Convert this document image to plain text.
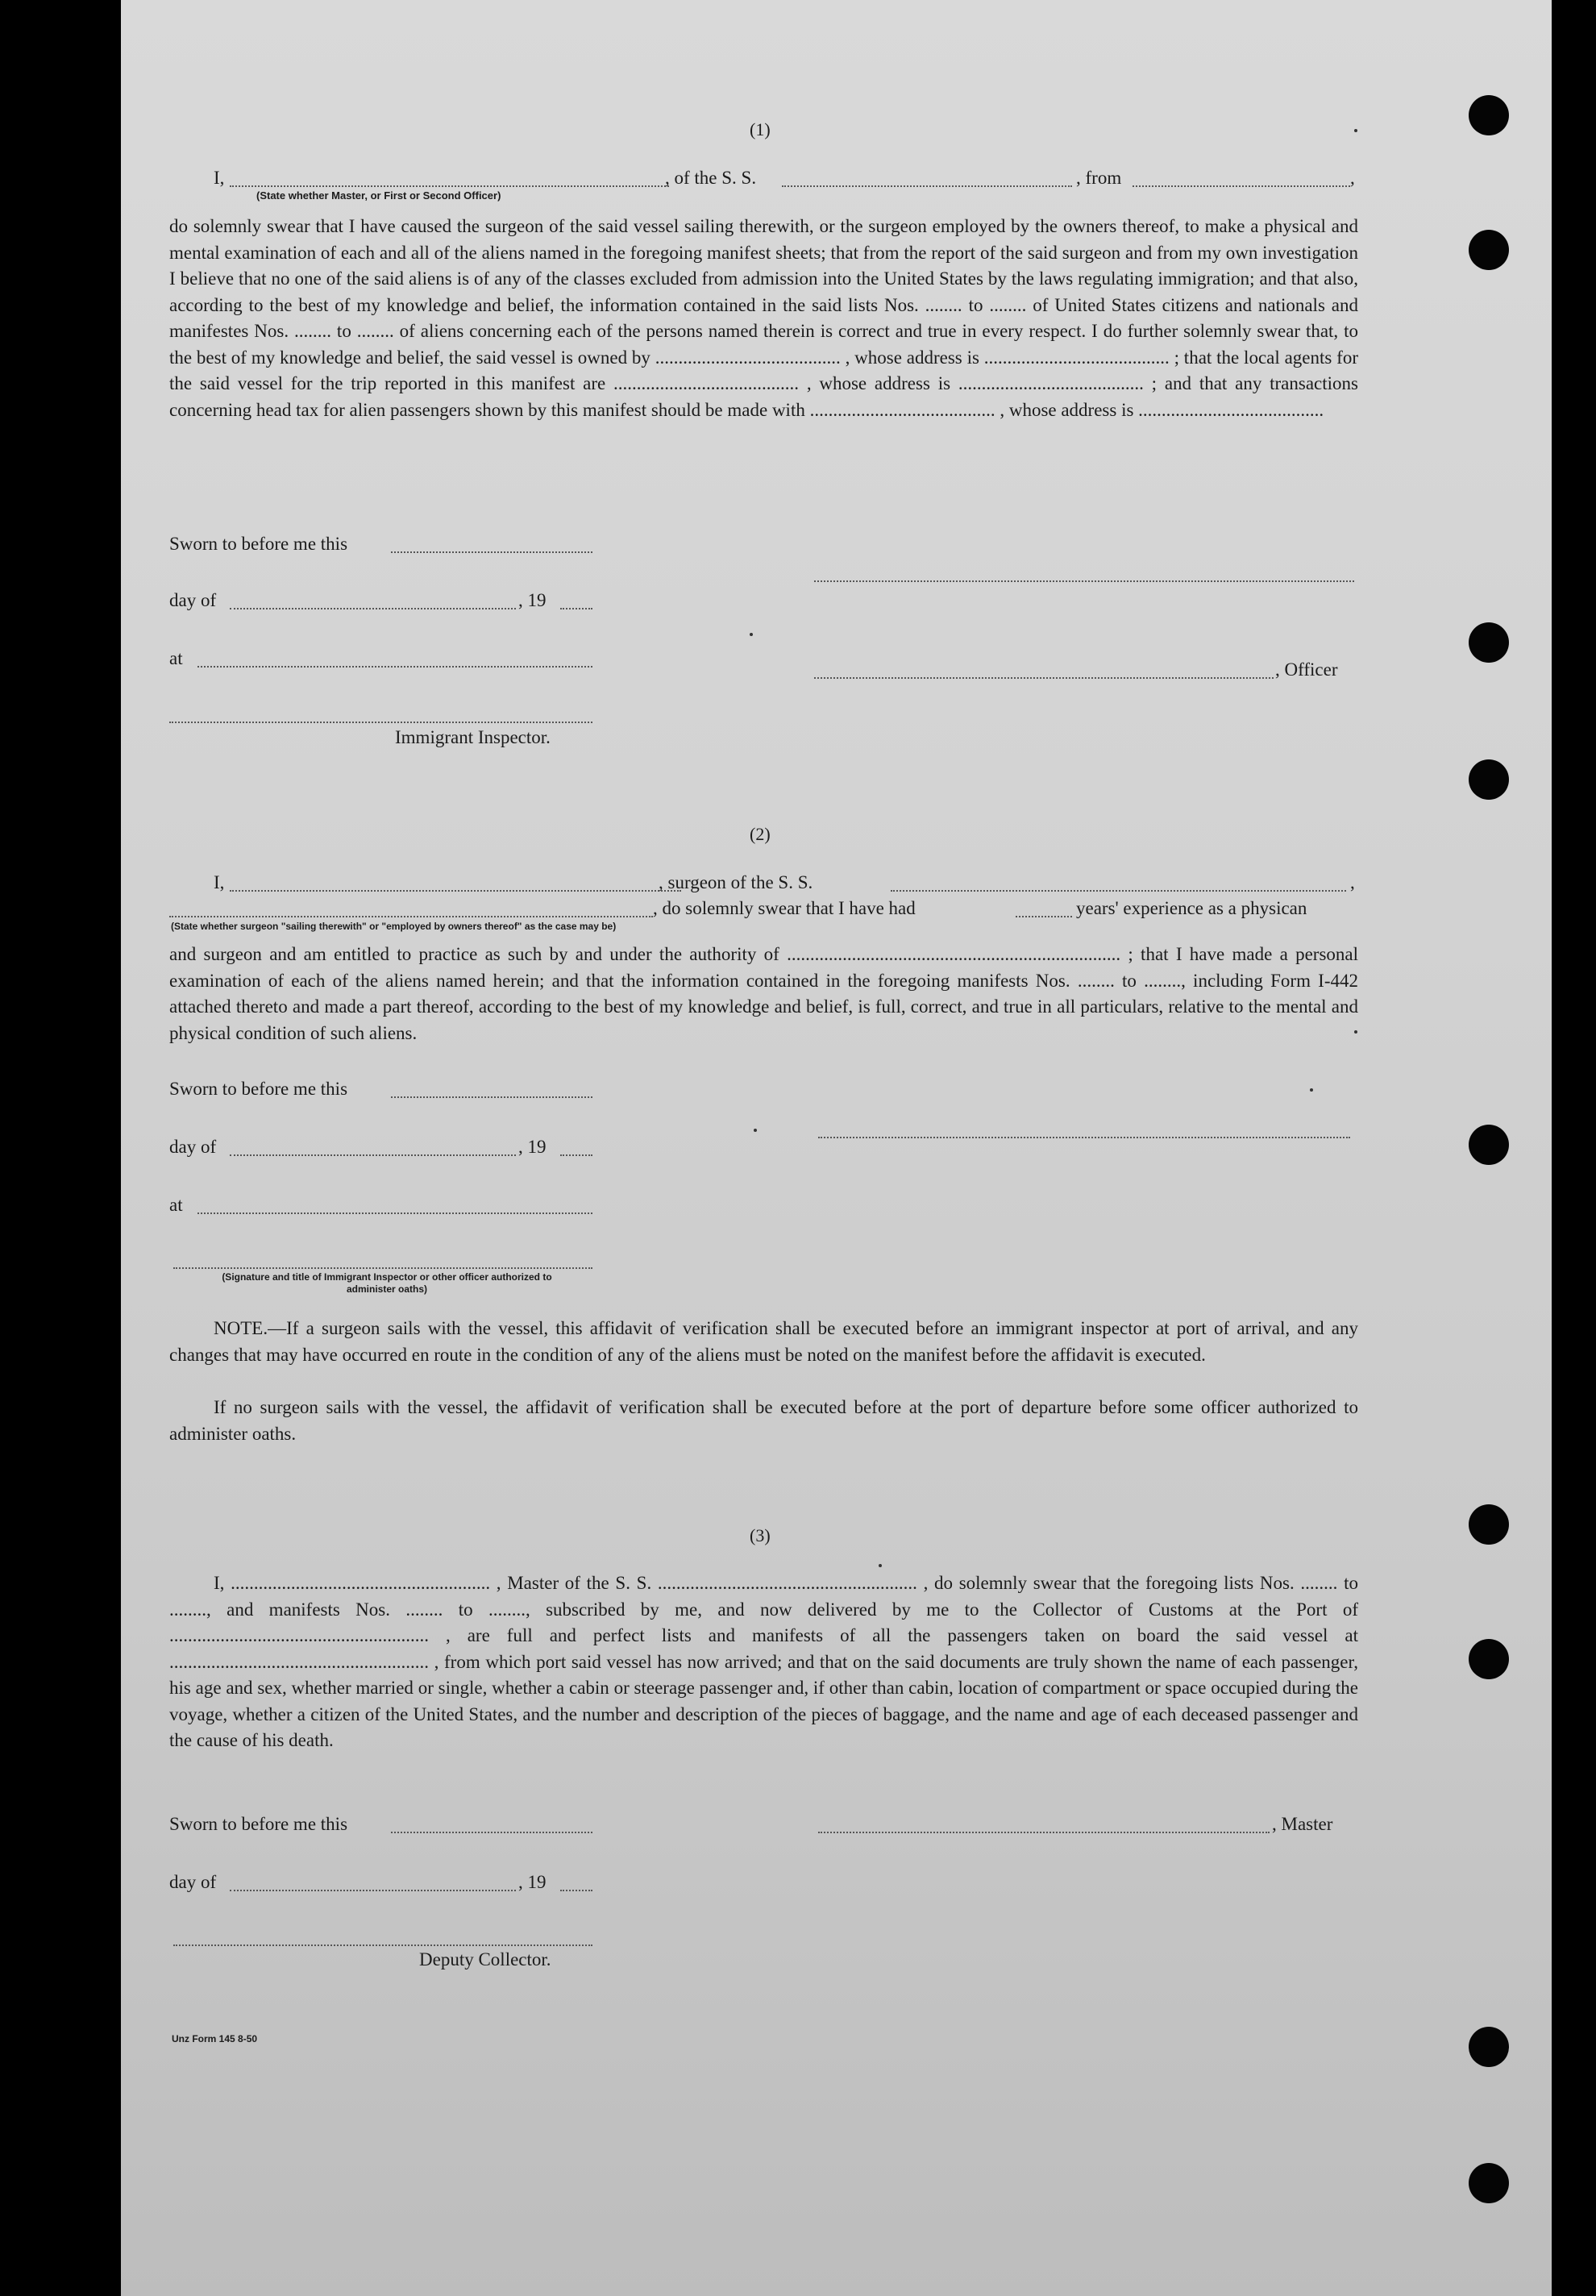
(1)
I,	, of the S. S.	, from	,
(State whether Master, or First or Second Officer)
do solemnly swear that I have caused the surgeon of the said vessel sailing therewith, or the surgeon employed by the owners thereof, to make a physical and mental examination of each and all of the aliens named in the foregoing manifest sheets; that from the report of the said surgeon and from my own investigation I believe that no one of the said aliens is of any of the classes excluded from admission into the United States by the laws regulating immigration; and that also, according to the best of my knowledge and belief, the information contained in the said lists Nos. ........ to ........ of United States citizens and nationals and manifestes Nos. ........ to ........ of aliens concerning each of the persons named therein is correct and true in every respect. I do further solemnly swear that, to the best of my knowledge and belief, the said vessel is owned by ........................................ , whose address is ........................................ ; that the local agents for the said vessel for the trip reported in this manifest are ........................................ , whose address is ........................................ ; and that any transactions concerning head tax for alien passengers shown by this manifest should be made with ........................................ , whose address is ........................................
Sworn to before me this
day of	, 19
at
, Officer
Immigrant Inspector.
(2)
I,	, surgeon of the S. S.	,
, do solemnly swear that I have had	years' experience as a physican
(State whether surgeon "sailing therewith" or "employed by owners thereof" as the case may be)
and surgeon and am entitled to practice as such by and under the authority of ........................................................................ ; that I have made a personal examination of each of the aliens named herein; and that the information contained in the foregoing manifests Nos. ........ to ........, including Form I-442 attached thereto and made a part thereof, according to the best of my knowledge and belief, is full, correct, and true in all particulars, relative to the mental and physical condition of such aliens.
Sworn to before me this
day of	, 19
at
(Signature and title of Immigrant Inspector or other officer authorized to administer oaths)
NOTE.—If a surgeon sails with the vessel, this affidavit of verification shall be executed before an immigrant inspector at port of arrival, and any changes that may have occurred en route in the condition of any of the aliens must be noted on the manifest before the affidavit is executed.
If no surgeon sails with the vessel, the affidavit of verification shall be executed before at the port of departure before some officer authorized to administer oaths.
(3)
I, ........................................................ , Master of the S. S. ........................................................ , do solemnly swear that the foregoing lists Nos. ........ to ........, and manifests Nos. ........ to ........, subscribed by me, and now delivered by me to the Collector of Customs at the Port of ........................................................ , are full and perfect lists and manifests of all the passengers taken on board the said vessel at ........................................................ , from which port said vessel has now arrived; and that on the said documents are truly shown the name of each passenger, his age and sex, whether married or single, whether a cabin or steerage passenger and, if other than cabin, location of compartment or space occupied during the voyage, whether a citizen of the United States, and the number and description of the pieces of baggage, and the name and age of each deceased passenger and the cause of his death.
Sworn to before me this	, Master
day of	, 19
Deputy Collector.
Unz Form 145 8-50
